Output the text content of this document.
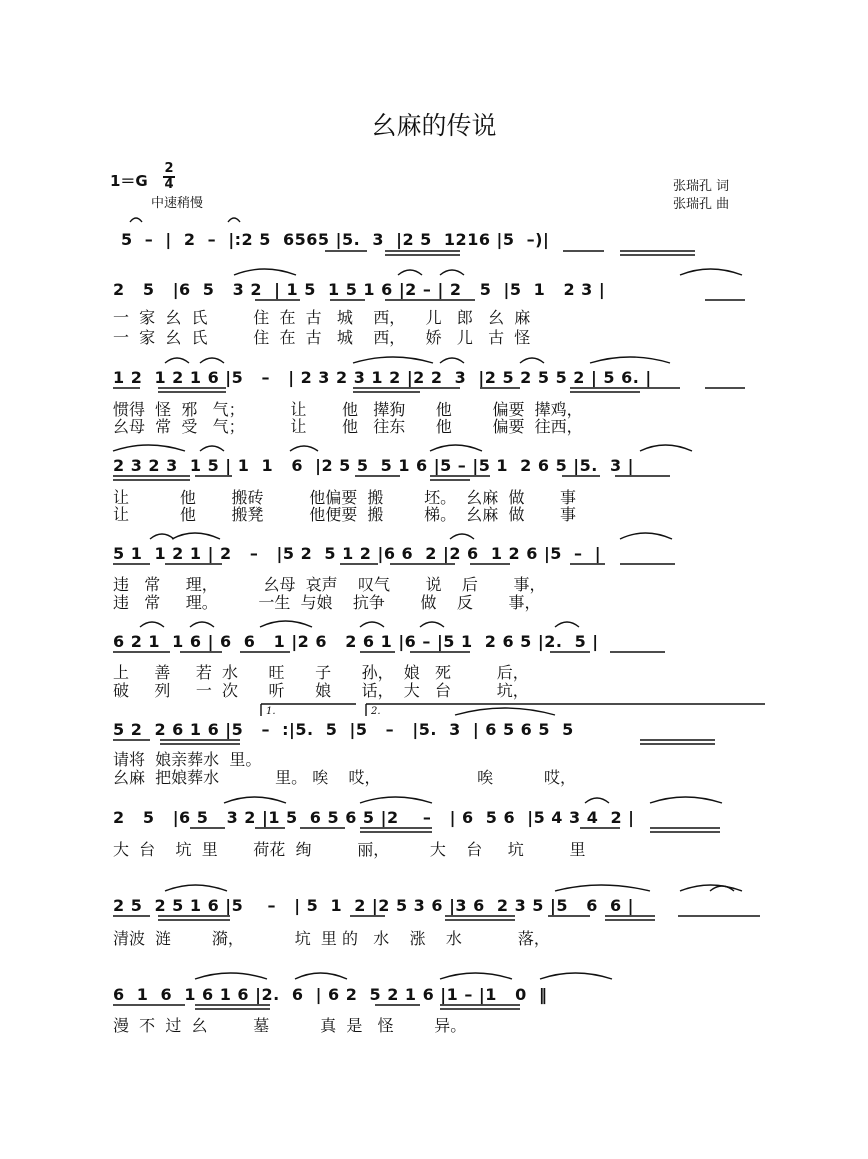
幺麻的传说
1＝G
2
4
中速稍慢
张瑞孔 词
张瑞孔 曲
5  –  |  2  –  |:2 5  6565 |5.  3  |2 5  1216 |5  –)|
2   5   |6  5   3 2  | 1 5  1 5 1 6 |2 – | 2   5  |5  1   2 3 |
一  家  幺  氏         住  在  古   城    西，    儿   郎   幺  麻
一  家  幺  氏         住  在  古   城    西，    娇   儿   古  怪
1 2  1 2 1 6 |5   –   | 2 3 2 3 1 2 |2 2  3  |2 5 2 5 5 2 | 5 6. |
惯得  怪  邪   气；         让       他   撵狗      他        偏要  撵鸡，
幺母  常  受   气；         让       他   往东      他        偏要  往西，
2 3 2 3  1 5 | 1  1   6  |2 5 5  5 1 6 |5 – |5 1  2 6 5 |5.  3 |
让          他       搬砖         他偏要  搬        坯。  幺麻  做       事
让          他       搬凳         他便要  搬        梯。  幺麻  做       事
5 1  1 2 1 | 2   –   |5 2  5 1 2 |6 6  2 |2 6  1 2 6 |5  –  |
违   常     理，         幺母  哀声    叹气       说    后       事，
违   常     理。        一生  与娘    抗争       做    反       事，
6 2 1  1 6 | 6  6   1 |2 6   2 6 1 |6 – |5 1  2 6 5 |2.  5 |
上     善     若  水      旺      子      孙，  娘   死         后，
破     列     一  次      听      娘      话，  大   台         坑，
5 2  2 6 1 6 |5   –  :|5.  5  |5   –   |5.  3  | 6 5 6 5  5
请将  娘亲葬水  里。
幺麻  把娘葬水           里。 唉    哎，                   唉          哎，
2   5   |6 5   3 2 |1 5  6 5 6 5 |2    –   | 6  5 6  |5 4 3 4  2 |
大  台    坑  里       荷花  绚         丽，        大    台     坑         里
2 5  2 5 1 6 |5    –   | 5  1  2 |2 5 3 6 |3 6  2 3 5 |5   6  6 |
清波  涟        漪，          坑  里 的   水    涨    水           落，
6  1  6  1 6 1 6 |2.  6  | 6 2  5 2 1 6 |1 – |1   0  ‖
漫  不  过  幺         墓          真  是   怪        异。
1.	2.
